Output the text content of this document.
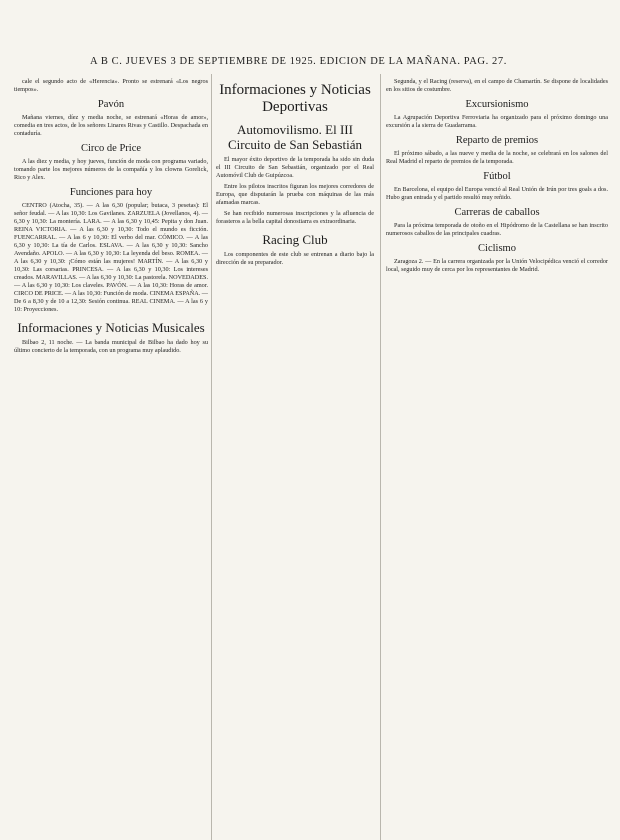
A B C. JUEVES 3 DE SEPTIEMBRE DE 1925. EDICION DE LA MAÑANA. PAG. 27.

cale el segundo acto de «Herencia». Pronto se estrenará «Los negros tiempos».

Pavón

Mañana viernes, díez y media noche, se estrenará «Horas de amor», comedia en tres actos, de los señores Linares Rivas y Castillo. Despachada en contaduría.

Circo de Price

A las diez y media, y hoy jueves, función de moda con programa variado, tomando parte los mejores números de la compañía y los clowns Gorelick, Rico y Alex.

Funciones para hoy

CENTRO (Atocha, 35). — A las 6,30 (popular; butaca, 3 pesetas): El señor feudal. — A las 10,30: Los Gavilanes. ZARZUELA (Jovellanos, 4). — 6,30 y 10,30: La montería. LARA. — A las 6,30 y 10,45: Pepita y don Juan. REINA VICTORIA. — A las 6,30 y 10,30: Todo el mundo es ficción. FUENCARRAL. — A las 6 y 10,30: El verbo del mar. CÓMICO. — A las 6,30 y 10,30: La tía de Carlos. ESLAVA. — A las 6,30 y 10,30: Sancho Avendaño. APOLO. — A las 6,30 y 10,30: La leyenda del beso. ROMEA. — A las 6,30 y 10,30: ¡Cómo están las mujeres! MARTÍN. — A las 6,30 y 10,30: Las corsarias. PRINCESA. — A las 6,30 y 10,30: Los intereses creados. MARAVILLAS. — A las 6,30 y 10,30: La pastorela. NOVEDADES. — A las 6,30 y 10,30: Los claveles. PAVÓN. — A las 10,30: Horas de amor. CIRCO DE PRICE. — A las 10,30: Función de moda. CINEMA ESPAÑA. — De 6 a 8,30 y de 10 a 12,30: Sesión continua. REAL CINEMA. — A las 6 y 10: Proyecciones.

Informaciones y Noticias Musicales

Bilbao 2, 11 noche. — La banda municipal de Bilbao ha dado hoy su último concierto de la temporada, con un programa muy aplaudido.

Informaciones y Noticias Deportivas
Automovilismo. El III Circuito de San Sebastián

El mayor éxito deportivo de la temporada ha sido sin duda el III Circuito de San Sebastián, organizado por el Real Automóvil Club de Guipúzcoa.

Entre los pilotos inscritos figuran los mejores corredores de Europa, que disputarán la prueba con máquinas de las más afamadas marcas.

Se han recibido numerosas inscripciones y la afluencia de forasteros a la bella capital donostiarra es extraordinaria.

Racing Club

Los componentes de este club se entrenan a diario bajo la dirección de su preparador.

Segunda, y el Racing (reserva), en el campo de Chamartín. Se dispone de localidades en los sitios de costumbre.

Excursionismo

La Agrupación Deportiva Ferroviaria ha organizado para el próximo domingo una excursión a la sierra de Guadarrama.

Reparto de premios

El próximo sábado, a las nueve y media de la noche, se celebrará en los salones del Real Madrid el reparto de premios de la temporada.

Fútbol

En Barcelona, el equipo del Europa venció al Real Unión de Irún por tres goals a dos. Hubo gran entrada y el partido resultó muy reñido.

Carreras de caballos

Para la próxima temporada de otoño en el Hipódromo de la Castellana se han inscrito numerosos caballos de las principales cuadras.

Ciclismo

Zaragoza 2. — En la carrera organizada por la Unión Velocipédica venció el corredor local, seguido muy de cerca por los representantes de Madrid.
